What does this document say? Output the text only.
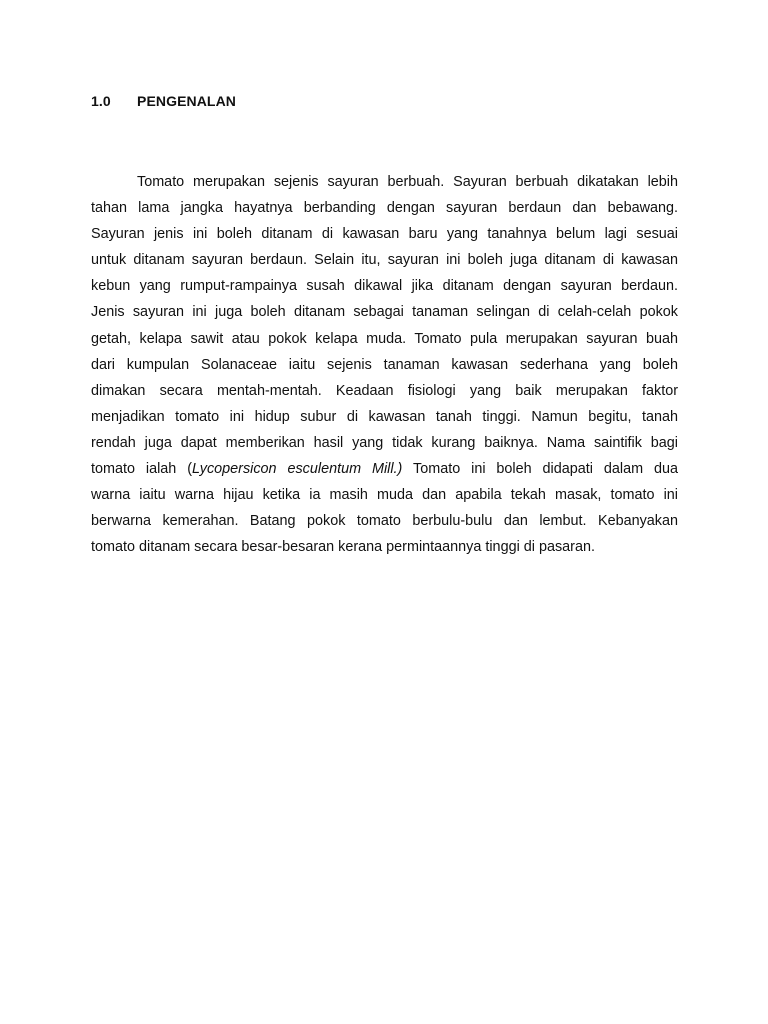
1.0	PENGENALAN
Tomato merupakan sejenis sayuran berbuah. Sayuran berbuah dikatakan lebih
tahan lama jangka hayatnya berbanding dengan sayuran berdaun dan bebawang.
Sayuran jenis ini boleh ditanam di kawasan baru yang tanahnya belum lagi sesuai
untuk ditanam sayuran berdaun. Selain itu, sayuran ini boleh juga ditanam di kawasan
kebun yang rumput-rampainya susah dikawal jika ditanam dengan sayuran berdaun.
Jenis sayuran ini juga boleh ditanam sebagai tanaman selingan di celah-celah pokok
getah, kelapa sawit atau pokok kelapa muda. Tomato pula merupakan sayuran buah
dari kumpulan Solanaceae iaitu sejenis tanaman kawasan sederhana yang boleh
dimakan secara mentah-mentah. Keadaan fisiologi yang baik merupakan faktor
menjadikan tomato ini hidup subur di kawasan tanah tinggi. Namun begitu, tanah
rendah juga dapat memberikan hasil yang tidak kurang baiknya. Nama saintifik bagi
tomato ialah (Lycopersicon esculentum Mill.) Tomato ini boleh didapati dalam dua
warna iaitu warna hijau ketika ia masih muda dan apabila tekah masak, tomato ini
berwarna kemerahan. Batang pokok tomato berbulu-bulu dan lembut. Kebanyakan
tomato ditanam secara besar-besaran kerana permintaannya tinggi di pasaran.
